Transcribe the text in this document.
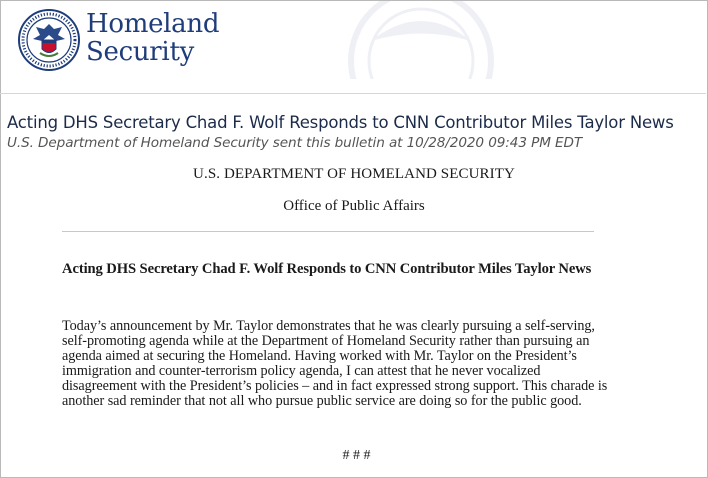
Homeland
Security
Acting DHS Secretary Chad F. Wolf Responds to CNN Contributor Miles Taylor News
U.S. Department of Homeland Security sent this bulletin at 10/28/2020 09:43 PM EDT
U.S. DEPARTMENT OF HOMELAND SECURITY
Office of Public Affairs
Acting DHS Secretary Chad F. Wolf Responds to CNN Contributor Miles Taylor News
Today’s announcement by Mr. Taylor demonstrates that he was clearly pursuing a self-serving,
self-promoting agenda while at the Department of Homeland Security rather than pursuing an
agenda aimed at securing the Homeland. Having worked with Mr. Taylor on the President’s
immigration and counter-terrorism policy agenda, I can attest that he never vocalized
disagreement with the President’s policies – and in fact expressed strong support. This charade is
another sad reminder that not all who pursue public service are doing so for the public good.
# # #
